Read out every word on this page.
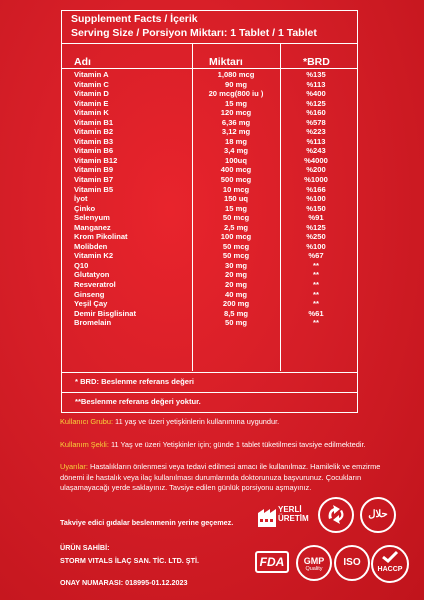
Supplement Facts / İçerik
Serving Size / Porsiyon Miktarı: 1 Tablet / 1 Tablet
Adı	Miktarı	*BRD
Vitamin A	1,080 mcg	%135
Vitamin C	90 mg	%113
Vitamin D	20 mcg(800 iu )	%400
Vitamin E	15 mg	%125
Vitamin K	120 mcg	%160
Vitamin B1	6,36 mg	%578
Vitamin B2	3,12 mg	%223
Vitamin B3	18 mg	%113
Vitamin B6	3,4 mg	%243
Vitamin B12	100uq	%4000
Vitamin B9	400 mcg	%200
Vitamin B7	500 mcg	%1000
Vitamin B5	10 mcg	%166
İyot	150 uq	%100
Çinko	15 mg	%150
Selenyum	50 mcg	%91
Manganez	2,5 mg	%125
Krom Pikolinat	100 mcg	%250
Molibden	50 mcg	%100
Vitamin K2	50 mcg	%67
Q10	30 mg	**
Glutatyon	20 mg	**
Resveratrol	20 mg	**
Ginseng	40 mg	**
Yeşil Çay	200 mg	**
Demir Bisglisinat	8,5 mg	%61
Bromelain	50 mg	**
* BRD: Beslenme referans değeri
**Beslenme referans değeri yoktur.
Kullanıcı Grubu: 11 yaş ve üzeri yetişkinlerin kullanımına uygundur.
Kullanım Şekli: 11 Yaş ve üzeri Yetişkinler için; günde 1 tablet tüketilmesi tavsiye edilmektedir.
Uyarılar: Hastalıkların önlenmesi veya tedavi edilmesi amacı ile kullanılmaz. Hamilelik ve emzirme dönemi ile hastalık veya ilaç kullanılması durumlarında doktorunuza başvurunuz. Çocukların ulaşamayacağı yerde saklayınız. Tavsiye edilen günlük porsiyonu aşmayınız.
Takviye edici gıdalar beslenmenin yerine geçemez.
ÜRÜN SAHİBİ:
STORM VITALS İLAÇ SAN. TİC. LTD. ŞTİ.
ONAY NUMARASI: 018995-01.12.2023
YERLİ
ÜRETİM	حلال
FDA	GMP
Quality
ISO
HACCP
